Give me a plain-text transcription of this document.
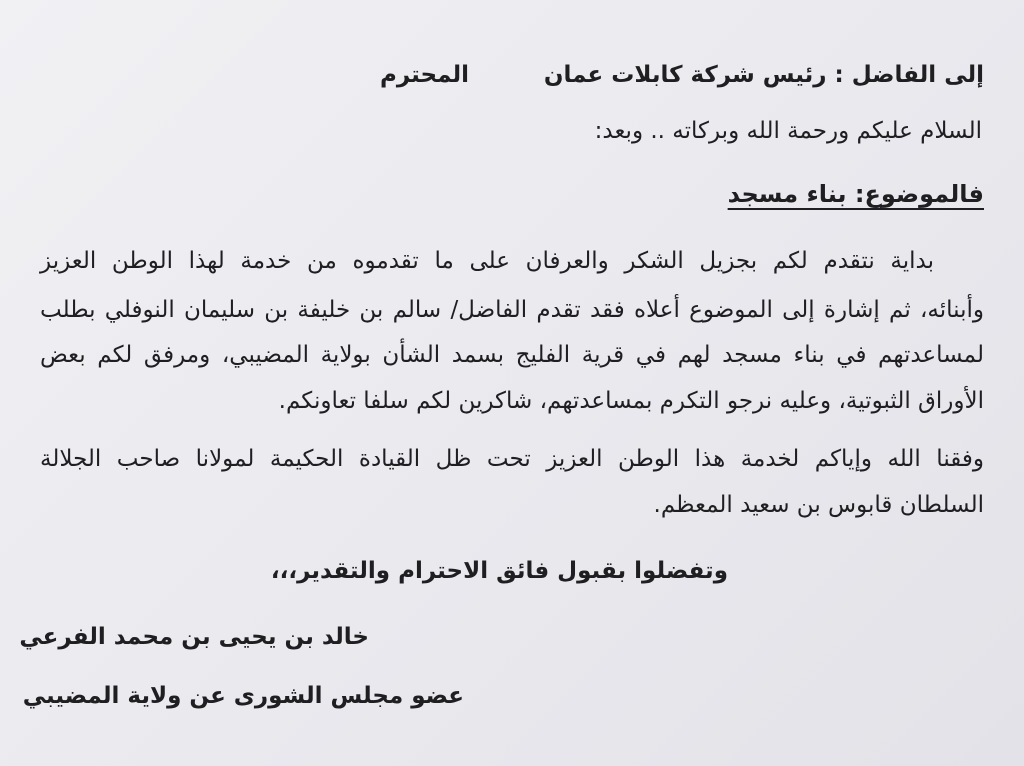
إلى الفاضل : رئيس شركة كابلات عمان
المحترم

السلام عليكم ورحمة الله وبركاته .. وبعد:

فالموضوع: بناء مسجد

بداية نتقدم لكم بجزيل الشكر والعرفان على ما تقدموه من خدمة لهذا الوطن العزيز

وأبنائه، ثم إشارة إلى الموضوع أعلاه فقد تقدم الفاضل/ سالم بن خليفة بن سليمان النوفلي بطلب

لمساعدتهم في بناء مسجد لهم في قرية الفليج بسمد الشأن بولاية المضيبي، ومرفق لكم بعض

الأوراق الثبوتية، وعليه نرجو التكرم بمساعدتهم، شاكرين لكم سلفا تعاونكم.

وفقنا الله وإياكم لخدمة هذا الوطن العزيز تحت ظل القيادة الحكيمة لمولانا صاحب الجلالة

السلطان قابوس بن سعيد المعظم.

وتفضلوا بقبول فائق الاحترام والتقدير،،،

خالد بن يحيى بن محمد الفرعي

عضو مجلس الشورى عن ولاية المضيبي
